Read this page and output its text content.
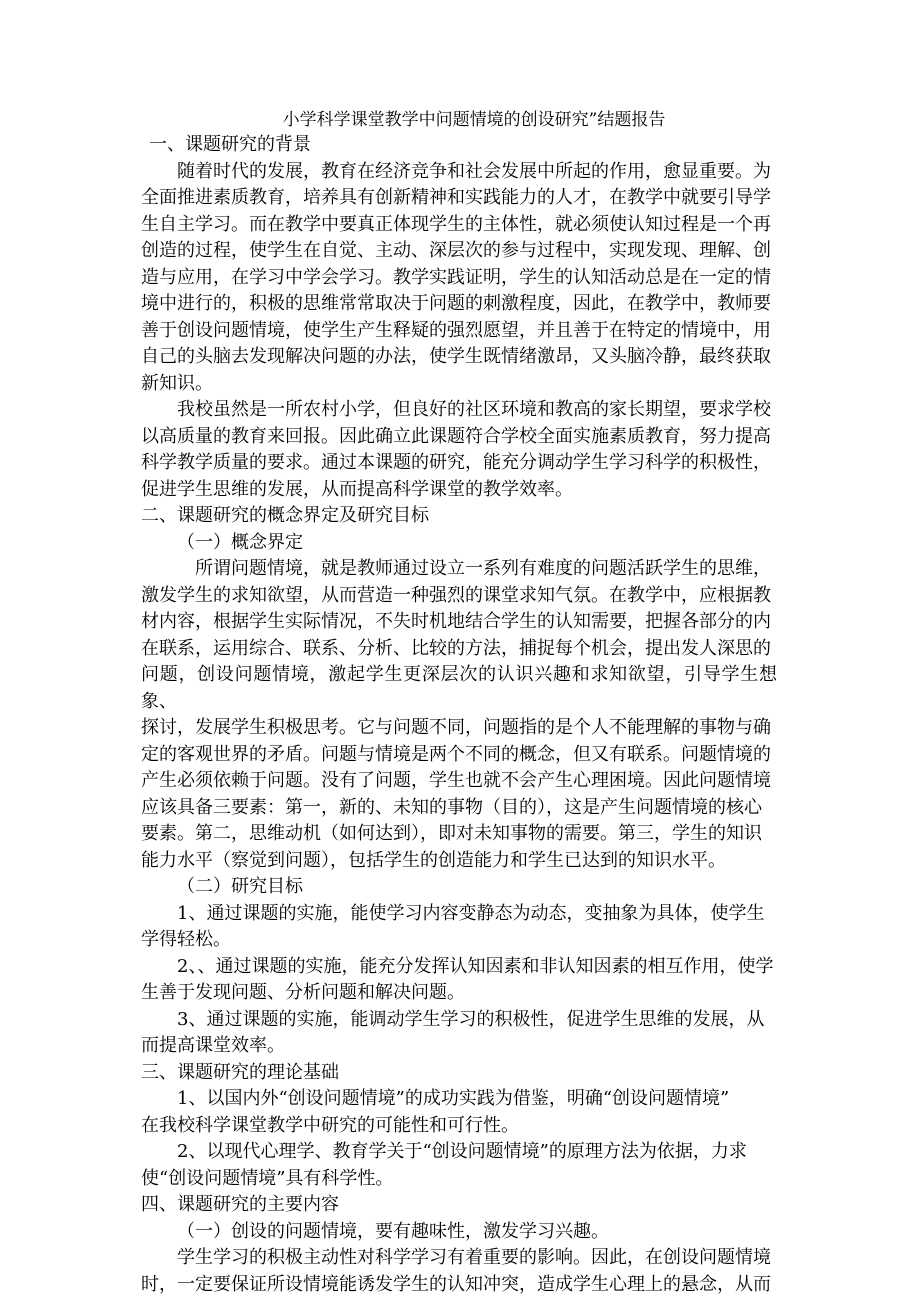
小学科学课堂教学中问题情境的创设研究”结题报告

一、课题研究的背景

随着时代的发展，教育在经济竞争和社会发展中所起的作用，愈显重要。为

全面推进素质教育，培养具有创新精神和实践能力的人才，在教学中就要引导学

生自主学习。而在教学中要真正体现学生的主体性，就必须使认知过程是一个再

创造的过程，使学生在自觉、主动、深层次的参与过程中，实现发现、理解、创

造与应用，在学习中学会学习。教学实践证明，学生的认知活动总是在一定的情

境中进行的，积极的思维常常取决于问题的刺激程度，因此，在教学中，教师要

善于创设问题情境，使学生产生释疑的强烈愿望，并且善于在特定的情境中，用

自己的头脑去发现解决问题的办法，使学生既情绪激昂，又头脑冷静，最终获取

新知识。

我校虽然是一所农村小学，但良好的社区环境和教高的家长期望，要求学校

以高质量的教育来回报。因此确立此课题符合学校全面实施素质教育，努力提高

科学教学质量的要求。通过本课题的研究，能充分调动学生学习科学的积极性，

促进学生思维的发展，从而提高科学课堂的教学效率。

二、课题研究的概念界定及研究目标

（一）概念界定

所谓问题情境，就是教师通过设立一系列有难度的问题活跃学生的思维，

激发学生的求知欲望，从而营造一种强烈的课堂求知气氛。在教学中，应根据教

材内容，根据学生实际情况，不失时机地结合学生的认知需要，把握各部分的内

在联系，运用综合、联系、分析、比较的方法，捕捉每个机会，提出发人深思的

问题，创设问题情境，激起学生更深层次的认识兴趣和求知欲望，引导学生想象、

探讨，发展学生积极思考。它与问题不同，问题指的是个人不能理解的事物与确

定的客观世界的矛盾。问题与情境是两个不同的概念，但又有联系。问题情境的

产生必须依赖于问题。没有了问题，学生也就不会产生心理困境。因此问题情境

应该具备三要素：第一，新的、未知的事物（目的），这是产生问题情境的核心

要素。第二，思维动机（如何达到），即对未知事物的需要。第三，学生的知识

能力水平（察觉到问题），包括学生的创造能力和学生已达到的知识水平。

（二）研究目标

1、通过课题的实施，能使学习内容变静态为动态，变抽象为具体，使学生

学得轻松。

2、、通过课题的实施，能充分发挥认知因素和非认知因素的相互作用，使学

生善于发现问题、分析问题和解决问题。

3、通过课题的实施，能调动学生学习的积极性，促进学生思维的发展，从

而提高课堂效率。

三、课题研究的理论基础

1、以国内外“创设问题情境”的成功实践为借鉴，明确“创设问题情境”

在我校科学课堂教学中研究的可能性和可行性。

2、以现代心理学、教育学关于“创设问题情境”的原理方法为依据，力求

使“创设问题情境”具有科学性。

四、课题研究的主要内容

（一）创设的问题情境，要有趣味性，激发学习兴趣。

学生学习的积极主动性对科学学习有着重要的影响。因此，在创设问题情境

时，一定要保证所设情境能诱发学生的认知冲突，造成学生心理上的悬念，从而
